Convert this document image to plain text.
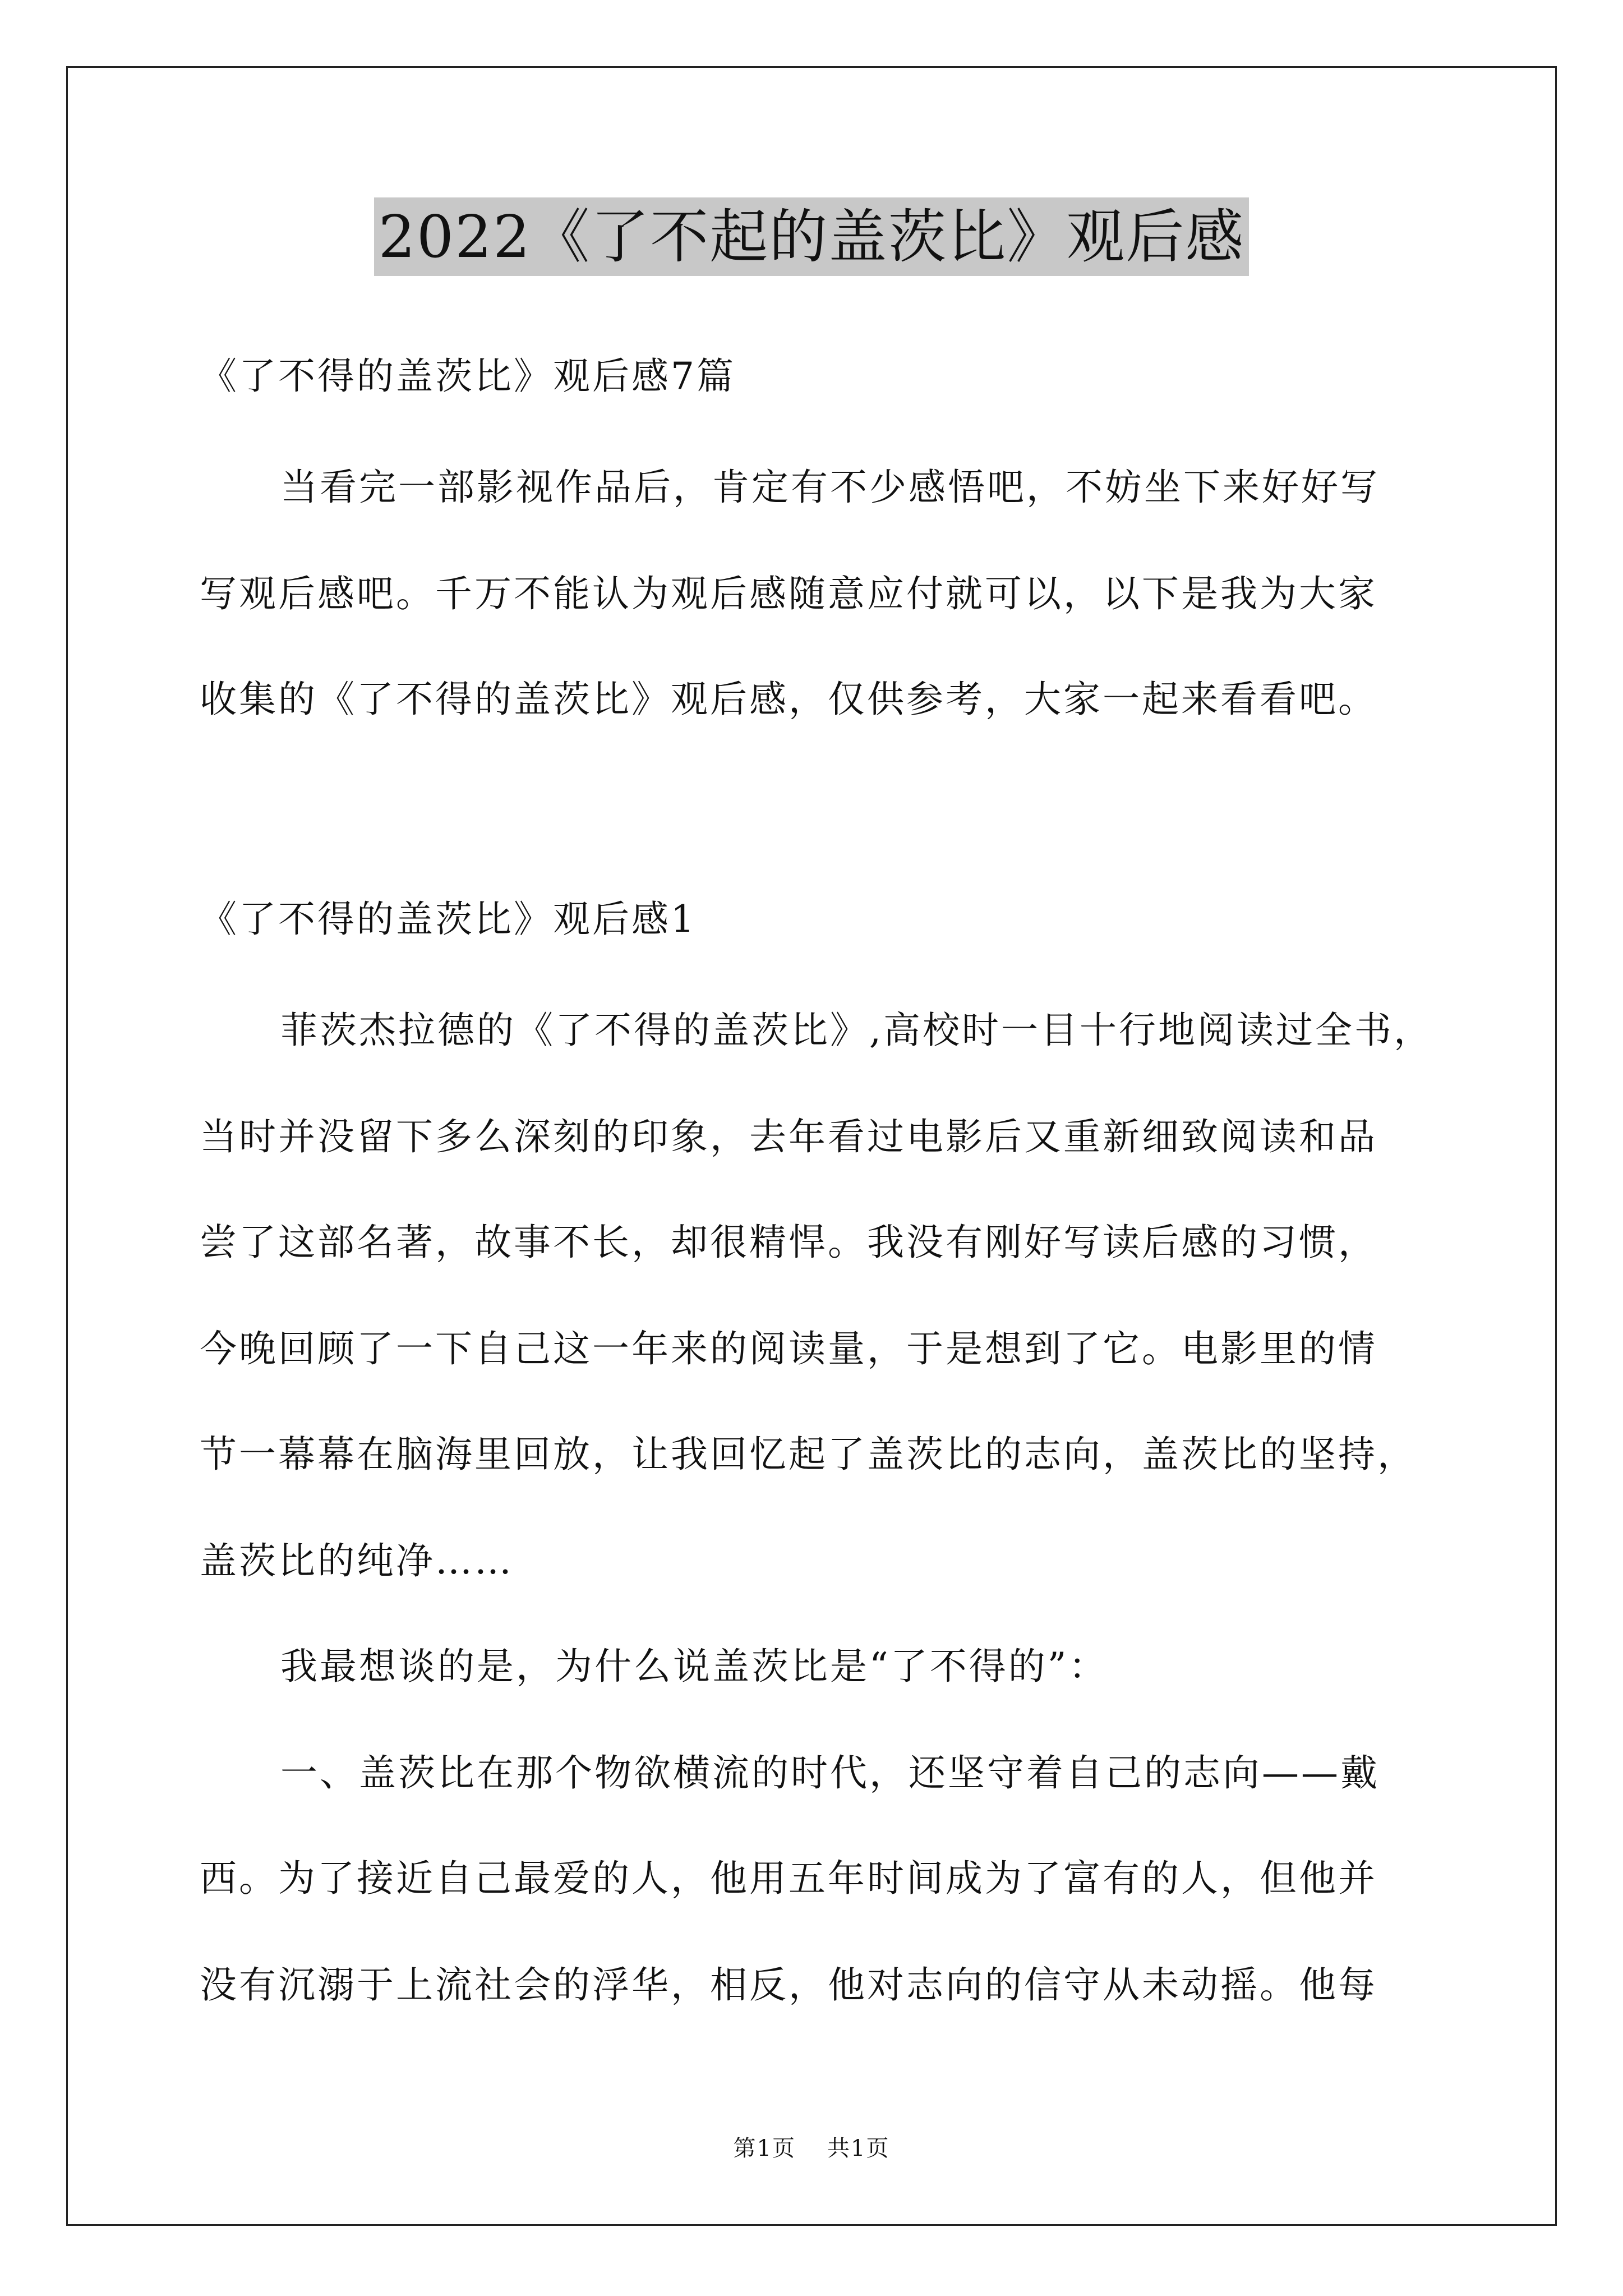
2022《了不起的盖茨比》观后感
《了不得的盖茨比》观后感7篇
当看完一部影视作品后，肯定有不少感悟吧，不妨坐下来好好写
写观后感吧。千万不能认为观后感随意应付就可以，以下是我为大家
收集的《了不得的盖茨比》观后感，仅供参考，大家一起来看看吧。
《了不得的盖茨比》观后感1
菲茨杰拉德的《了不得的盖茨比》,高校时一目十行地阅读过全书，
当时并没留下多么深刻的印象，去年看过电影后又重新细致阅读和品
尝了这部名著，故事不长，却很精悍。我没有刚好写读后感的习惯，
今晚回顾了一下自己这一年来的阅读量，于是想到了它。电影里的情
节一幕幕在脑海里回放，让我回忆起了盖茨比的志向，盖茨比的坚持，
盖茨比的纯净……
我最想谈的是，为什么说盖茨比是“了不得的”：
一、盖茨比在那个物欲横流的时代，还坚守着自己的志向——戴
西。为了接近自己最爱的人，他用五年时间成为了富有的人，但他并
没有沉溺于上流社会的浮华，相反，他对志向的信守从未动摇。他每
第1页 共1页
